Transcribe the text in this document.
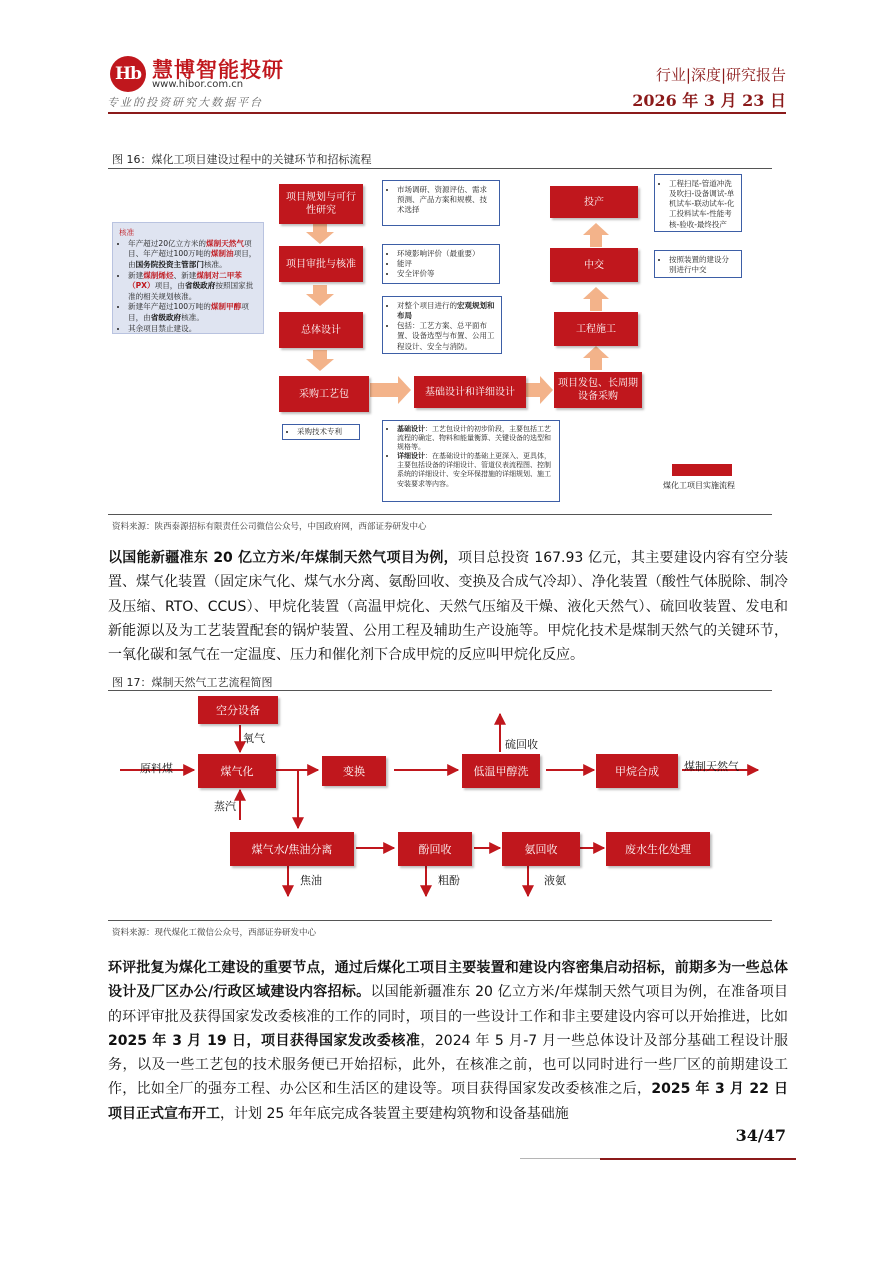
Hb 慧博智能投研
www.hibor.com.cn
专业的投资研究大数据平台
行业|深度|研究报告
2026 年 3 月 23 日
图 16：煤化工项目建设过程中的关键环节和招标流程
项目规划与可行性研究
项目审批与核准
总体设计
采购工艺包	基础设计和详细设计
项目发包、长周期设备采购
工程施工
中交
投产
• 市场调研、资源评估、需求预测、产品方案和规模、技术选择
• 环境影响评价（最重要）
• 能评
• 安全评价等
• 对整个项目进行的宏观规划和布局
• 包括：工艺方案、总平面布置、设备选型与布置、公用工程设计、安全与消防。
• 采购技术专利
•	基础设计：工艺包设计的初步阶段，主要包括工艺流程的确定、物料和能量衡算、关键设备的选型和规格等。
• 详细设计：在基础设计的基础上更深入、更具体，主要包括设备的详细设计、管道仪表流程图、控制系统的详细设计、安全环保措施的详细规划、施工安装要求等内容。
• 按照装置的建设分别进行中交
• 工程扫尾-管道冲洗及吹扫-设备调试-单机试车-联动试车-化工投料试车-性能考核-验收-最终投产
核准
• 年产超过20亿立方米的煤制天然气项目、年产超过100万吨的煤制油项目，由国务院投资主管部门核准。
• 新建煤制烯烃、新建煤制对二甲苯（PX）项目，由省级政府按照国家批准的相关规划核准。
• 新建年产超过100万吨的煤制甲醇项目，由省级政府核准。
• 其余项目禁止建设。
煤化工项目实施流程
资料来源：陕西泰源招标有限责任公司微信公众号，中国政府网，西部证券研发中心
以国能新疆准东 20 亿立方米/年煤制天然气项目为例，项目总投资 167.93 亿元，其主要建设内容有空分装置、煤气化装置（固定床气化、煤气水分离、氨酚回收、变换及合成气冷却）、净化装置（酸性气体脱除、制冷及压缩、RTO、CCUS）、甲烷化装置（高温甲烷化、天然气压缩及干燥、液化天然气）、硫回收装置、发电和新能源以及为工艺装置配套的锅炉装置、公用工程及辅助生产设施等。甲烷化技术是煤制天然气的关键环节，一氧化碳和氢气在一定温度、压力和催化剂下合成甲烷的反应叫甲烷化反应。
图 17：煤制天然气工艺流程简图
空分设备
煤气化	变换	低温甲醇洗	甲烷合成
煤气水/焦油分离	酚回收	氨回收	废水生化处理
原料煤
氧气
蒸汽
硫回收
煤制天然气
焦油	粗酚	液氨
资料来源：现代煤化工微信公众号，西部证券研发中心
环评批复为煤化工建设的重要节点，通过后煤化工项目主要装置和建设内容密集启动招标，前期多为一些总体设计及厂区办公/行政区域建设内容招标。以国能新疆准东 20 亿立方米/年煤制天然气项目为例，在准备项目的环评审批及获得国家发改委核准的工作的同时，项目的一些设计工作和非主要建设内容可以开始推进，比如 2025 年 3 月 19 日，项目获得国家发改委核准，2024 年 5 月-7 月一些总体设计及部分基础工程设计服务，以及一些工艺包的技术服务便已开始招标，此外，在核准之前，也可以同时进行一些厂区的前期建设工作，比如全厂的强夯工程、办公区和生活区的建设等。项目获得国家发改委核准之后，2025 年 3 月 22 日项目正式宣布开工，计划 25 年年底完成各装置主要建构筑物和设备基础施
34/47
